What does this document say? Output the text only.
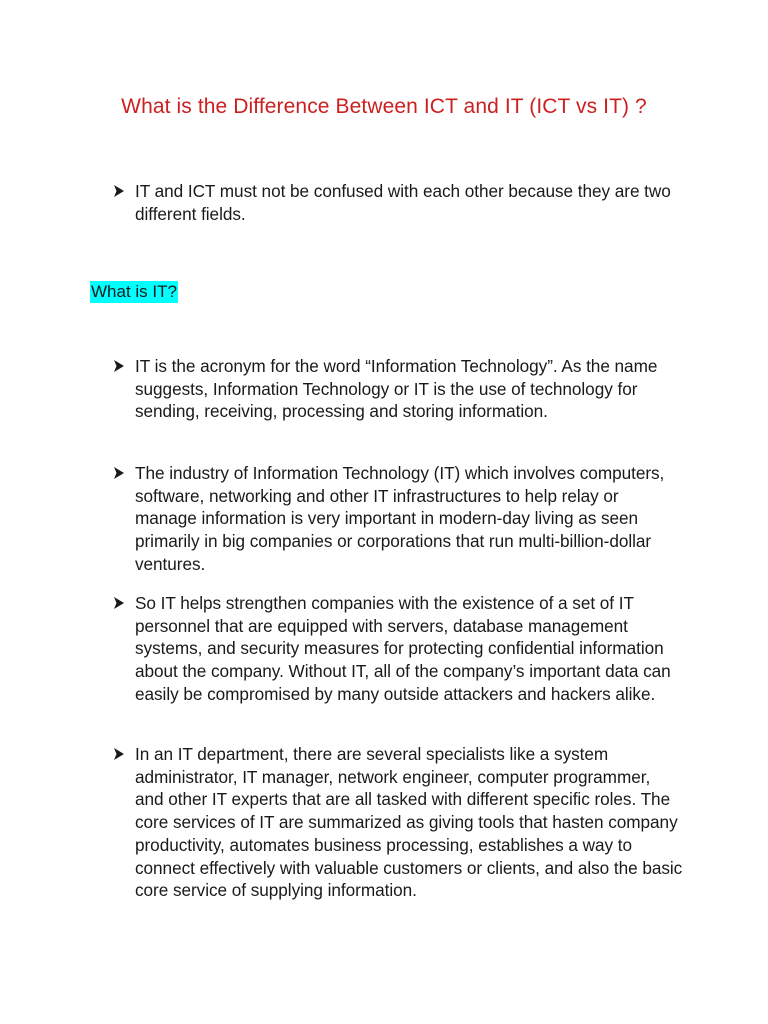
What is the Difference Between ICT and IT (ICT vs IT) ?

IT and ICT must not be confused with each other because they are two different fields.

What is IT?

IT is the acronym for the word “Information Technology”. As the name suggests, Information Technology or IT is the use of technology for sending, receiving, processing and storing information.

The industry of Information Technology (IT) which involves computers, software, networking and other IT infrastructures to help relay or manage information is very important in modern-day living as seen primarily in big companies or corporations that run multi-billion-dollar ventures.

So IT helps strengthen companies with the existence of a set of IT personnel that are equipped with servers, database management systems, and security measures for protecting confidential information about the company. Without IT, all of the company’s important data can easily be compromised by many outside attackers and hackers alike.

In an IT department, there are several specialists like a system administrator, IT manager, network engineer, computer programmer, and other IT experts that are all tasked with different specific roles. The core services of IT are summarized as giving tools that hasten company productivity, automates business processing, establishes a way to connect effectively with valuable customers or clients, and also the basic core service of supplying information.
